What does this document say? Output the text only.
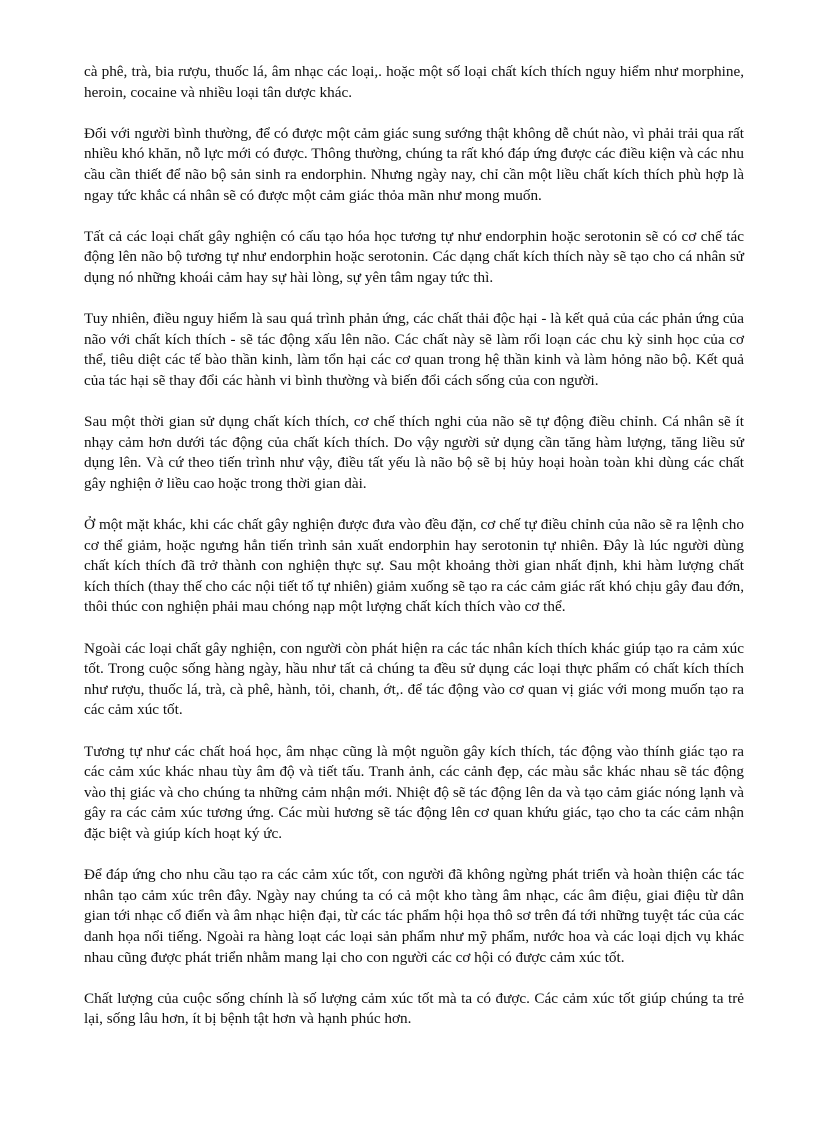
cà phê, trà, bia rượu, thuốc lá, âm nhạc các loại,. hoặc một số loại chất kích thích nguy hiểm như morphine, heroin, cocaine và nhiều loại tân dược khác.

Đối với người bình thường, để có được một cảm giác sung sướng thật không dễ chút nào, vì phải trải qua rất nhiều khó khăn, nỗ lực mới có được. Thông thường, chúng ta rất khó đáp ứng được các điều kiện và các nhu cầu cần thiết để não bộ sản sinh ra endorphin. Nhưng ngày nay, chỉ cần một liều chất kích thích phù hợp là ngay tức khắc cá nhân sẽ có được một cảm giác thỏa mãn như mong muốn.

Tất cả các loại chất gây nghiện có cấu tạo hóa học tương tự như endorphin hoặc serotonin sẽ có cơ chế tác động lên não bộ tương tự như endorphin hoặc serotonin. Các dạng chất kích thích này sẽ tạo cho cá nhân sử dụng nó những khoái cảm hay sự hài lòng, sự yên tâm ngay tức thì.

Tuy nhiên, điều nguy hiểm là sau quá trình phản ứng, các chất thải độc hại - là kết quả của các phản ứng của não với chất kích thích - sẽ tác động xấu lên não. Các chất này sẽ làm rối loạn các chu kỳ sinh học của cơ thể, tiêu diệt các tế bào thần kinh, làm tổn hại các cơ quan trong hệ thần kinh và làm hỏng não bộ. Kết quả của tác hại sẽ thay đổi các hành vi bình thường và biến đổi cách sống của con người.

Sau một thời gian sử dụng chất kích thích, cơ chế thích nghi của não sẽ tự động điều chỉnh. Cá nhân sẽ ít nhạy cảm hơn dưới tác động của chất kích thích. Do vậy người sử dụng cần tăng hàm lượng, tăng liều sử dụng lên. Và cứ theo tiến trình như vậy, điều tất yếu là não bộ sẽ bị hủy hoại hoàn toàn khi dùng các chất gây nghiện ở liều cao hoặc trong thời gian dài.

Ở một mặt khác, khi các chất gây nghiện được đưa vào đều đặn, cơ chế tự điều chỉnh của não sẽ ra lệnh cho cơ thể giảm, hoặc ngưng hẳn tiến trình sản xuất endorphin hay serotonin tự nhiên. Đây là lúc người dùng chất kích thích đã trở thành con nghiện thực sự. Sau một khoảng thời gian nhất định, khi hàm lượng chất kích thích (thay thế cho các nội tiết tố tự nhiên) giảm xuống sẽ tạo ra các cảm giác rất khó chịu gây đau đớn, thôi thúc con nghiện phải mau chóng nạp một lượng chất kích thích vào cơ thể.

Ngoài các loại chất gây nghiện, con người còn phát hiện ra các tác nhân kích thích khác giúp tạo ra cảm xúc tốt. Trong cuộc sống hàng ngày, hầu như tất cả chúng ta đều sử dụng các loại thực phẩm có chất kích thích như rượu, thuốc lá, trà, cà phê, hành, tỏi, chanh, ớt,. để tác động vào cơ quan vị giác với mong muốn tạo ra các cảm xúc tốt.

Tương tự như các chất hoá học, âm nhạc cũng là một nguồn gây kích thích, tác động vào thính giác tạo ra các cảm xúc khác nhau tùy âm độ và tiết tấu. Tranh ảnh, các cảnh đẹp, các màu sắc khác nhau sẽ tác động vào thị giác và cho chúng ta những cảm nhận mới. Nhiệt độ sẽ tác động lên da và tạo cảm giác nóng lạnh và gây ra các cảm xúc tương ứng. Các mùi hương sẽ tác động lên cơ quan khứu giác, tạo cho ta các cảm nhận đặc biệt và giúp kích hoạt ký ức.

Để đáp ứng cho nhu cầu tạo ra các cảm xúc tốt, con người đã không ngừng phát triển và hoàn thiện các tác nhân tạo cảm xúc trên đây. Ngày nay chúng ta có cả một kho tàng âm nhạc, các âm điệu, giai điệu từ dân gian tới nhạc cổ điển và âm nhạc hiện đại, từ các tác phẩm hội họa thô sơ trên đá tới những tuyệt tác của các danh họa nổi tiếng. Ngoài ra hàng loạt các loại sản phẩm như mỹ phẩm, nước hoa và các loại dịch vụ khác nhau cũng được phát triển nhằm mang lại cho con người các cơ hội có được cảm xúc tốt.

Chất lượng của cuộc sống chính là số lượng cảm xúc tốt mà ta có được. Các cảm xúc tốt giúp chúng ta trẻ lại, sống lâu hơn, ít bị bệnh tật hơn và hạnh phúc hơn.
